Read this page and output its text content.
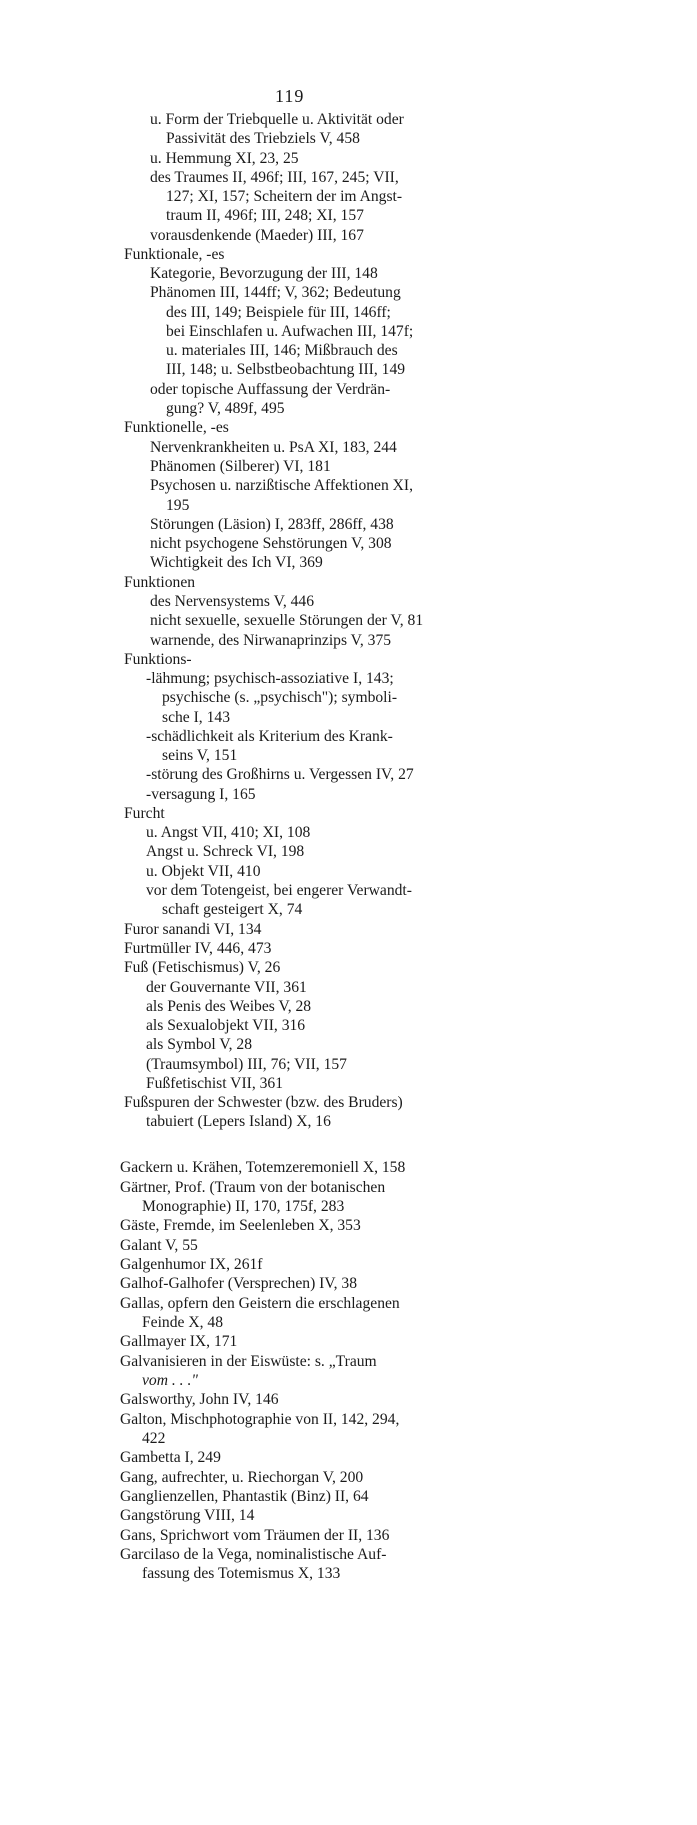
119
u. Form der Triebquelle u. Aktivität oder
Passivität des Triebziels V, 458
u. Hemmung XI, 23, 25
des Traumes II, 496f; III, 167, 245; VII,
127; XI, 157; Scheitern der im Angst-
traum II, 496f; III, 248; XI, 157
vorausdenkende (Maeder) III, 167
Funktionale, -es
Kategorie, Bevorzugung der III, 148
Phänomen III, 144ff; V, 362; Bedeutung
des III, 149; Beispiele für III, 146ff;
bei Einschlafen u. Aufwachen III, 147f;
u. materiales III, 146; Mißbrauch des
III, 148; u. Selbstbeobachtung III, 149
oder topische Auffassung der Verdrän-
gung? V, 489f, 495
Funktionelle, -es
Nervenkrankheiten u. PsA XI, 183, 244
Phänomen (Silberer) VI, 181
Psychosen u. narzißtische Affektionen XI,
195
Störungen (Läsion) I, 283ff, 286ff, 438
nicht psychogene Sehstörungen V, 308
Wichtigkeit des Ich VI, 369
Funktionen
des Nervensystems V, 446
nicht sexuelle, sexuelle Störungen der V, 81
warnende, des Nirwanaprinzips V, 375
Funktions-
-lähmung; psychisch-assoziative I, 143;
psychische (s. „psychisch"); symboli-
sche I, 143
-schädlichkeit als Kriterium des Krank-
seins V, 151
-störung des Großhirns u. Vergessen IV, 27
-versagung I, 165
Furcht
u. Angst VII, 410; XI, 108
Angst u. Schreck VI, 198
u. Objekt VII, 410
vor dem Totengeist, bei engerer Verwandt-
schaft gesteigert X, 74
Furor sanandi VI, 134
Furtmüller IV, 446, 473
Fuß (Fetischismus) V, 26
der Gouvernante VII, 361
als Penis des Weibes V, 28
als Sexualobjekt VII, 316
als Symbol V, 28
(Traumsymbol) III, 76; VII, 157
Fußfetischist VII, 361
Fußspuren der Schwester (bzw. des Bruders)
tabuiert (Lepers Island) X, 16
Gackern u. Krähen, Totemzeremoniell X, 158
Gärtner, Prof. (Traum von der botanischen
Monographie) II, 170, 175f, 283
Gäste, Fremde, im Seelenleben X, 353
Galant V, 55
Galgenhumor IX, 261f
Galhof-Galhofer (Versprechen) IV, 38
Gallas, opfern den Geistern die erschlagenen
Feinde X, 48
Gallmayer IX, 171
Galvanisieren in der Eiswüste: s. „Traum
vom . . ."
Galsworthy, John IV, 146
Galton, Mischphotographie von II, 142, 294,
422
Gambetta I, 249
Gang, aufrechter, u. Riechorgan V, 200
Ganglienzellen, Phantastik (Binz) II, 64
Gangstörung VIII, 14
Gans, Sprichwort vom Träumen der II, 136
Garcilaso de la Vega, nominalistische Auf-
fassung des Totemismus X, 133
